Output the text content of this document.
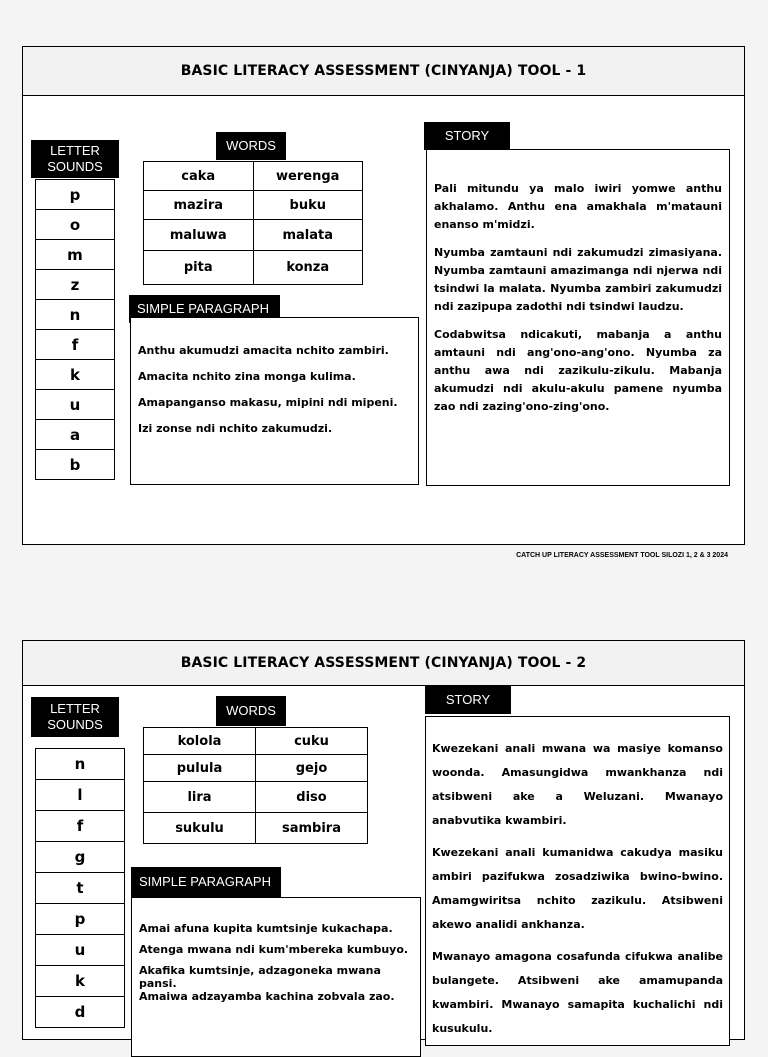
BASIC LITERACY ASSESSMENT (CINYANJA) TOOL - 1
LETTER SOUNDS
p
o
m
z
n
f
k
u
a
b
WORDS
caka	werenga
mazira	buku
maluwa	malata
pita	konza
SIMPLE PARAGRAPH

Anthu akumudzi amacita nchito zambiri.

Amacita nchito zina monga kulima.

Amapanganso makasu, mipini ndi mipeni.

Izi zonse ndi nchito zakumudzi.

STORY

Pali mitundu ya malo iwiri yomwe anthu akhalamo. Anthu ena amakhala m'matauni enanso m'midzi.

Nyumba zamtauni ndi zakumudzi zimasiyana. Nyumba zamtauni amazimanga ndi njerwa ndi tsindwi la malata. Nyumba zambiri zakumudzi ndi zazipupa zadothi ndi tsindwi laudzu.

Codabwitsa ndicakuti, mabanja a anthu amtauni ndi ang'ono-ang'ono. Nyumba za anthu awa ndi zazikulu-zikulu. Mabanja akumudzi ndi akulu-akulu pamene nyumba zao ndi zazing'ono-zing'ono.

CATCH UP LITERACY ASSESSMENT TOOL SILOZI 1, 2 & 3 2024
BASIC LITERACY ASSESSMENT (CINYANJA) TOOL - 2
LETTER SOUNDS
n
l
f
g
t
p
u
k
d
WORDS
kolola	cuku
pulula	gejo
lira	diso
sukulu	sambira
SIMPLE PARAGRAPH

Amai afuna kupita kumtsinje kukachapa.

Atenga mwana ndi kum'mbereka kumbuyo.

Akafika kumtsinje, adzagoneka mwana pansi.

Amaiwa adzayamba kachina zobvala zao.

STORY

Kwezekani anali mwana wa masiye komanso woonda. Amasungidwa mwankhanza ndi atsibweni ake a Weluzani. Mwanayo anabvutika kwambiri.

Kwezekani anali kumanidwa cakudya masiku ambiri pazifukwa zosadziwika bwino-bwino. Amamgwiritsa nchito zazikulu. Atsibweni akewo analidi ankhanza.

Mwanayo amagona cosafunda cifukwa analibe bulangete. Atsibweni ake amamupanda kwambiri. Mwanayo samapita kuchalichi ndi kusukulu.
